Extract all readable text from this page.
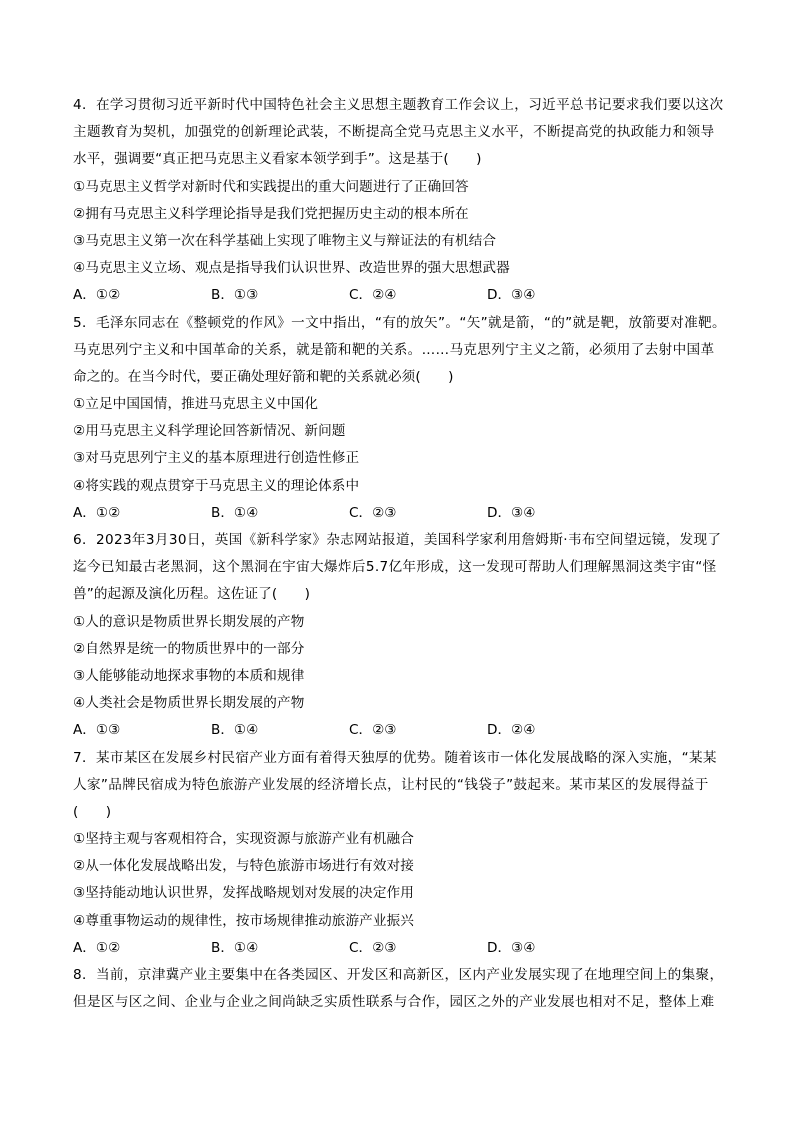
4．在学习贯彻习近平新时代中国特色社会主义思想主题教育工作会议上，习近平总书记要求我们要以这次
主题教育为契机，加强党的创新理论武装，不断提高全党马克思主义水平，不断提高党的执政能力和领导
水平，强调要“真正把马克思主义看家本领学到手”。这是基于(　　)
①马克思主义哲学对新时代和实践提出的重大问题进行了正确回答
②拥有马克思主义科学理论指导是我们党把握历史主动的根本所在
③马克思主义第一次在科学基础上实现了唯物主义与辩证法的有机结合
④马克思主义立场、观点是指导我们认识世界、改造世界的强大思想武器
A．①②	B．①③	C．②④	D．③④
5．毛泽东同志在《整顿党的作风》一文中指出，“有的放矢”。“矢”就是箭，“的”就是靶，放箭要对准靶。
马克思列宁主义和中国革命的关系，就是箭和靶的关系。……马克思列宁主义之箭，必须用了去射中国革
命之的。在当今时代，要正确处理好箭和靶的关系就必须(　　)
①立足中国国情，推进马克思主义中国化
②用马克思主义科学理论回答新情况、新问题
③对马克思列宁主义的基本原理进行创造性修正
④将实践的观点贯穿于马克思主义的理论体系中
A．①②	B．①④	C．②③	D．③④
6．2023年3月30日，英国《新科学家》杂志网站报道，美国科学家利用詹姆斯·韦布空间望远镜，发现了
迄今已知最古老黑洞，这个黑洞在宇宙大爆炸后5.7亿年形成，这一发现可帮助人们理解黑洞这类宇宙“怪
兽”的起源及演化历程。这佐证了(　　)
①人的意识是物质世界长期发展的产物
②自然界是统一的物质世界中的一部分
③人能够能动地探求事物的本质和规律
④人类社会是物质世界长期发展的产物
A．①③	B．①④	C．②③	D．②④
7．某市某区在发展乡村民宿产业方面有着得天独厚的优势。随着该市一体化发展战略的深入实施，“某某
人家”品牌民宿成为特色旅游产业发展的经济增长点，让村民的“钱袋子”鼓起来。某市某区的发展得益于
(　　)
①坚持主观与客观相符合，实现资源与旅游产业有机融合
②从一体化发展战略出发，与特色旅游市场进行有效对接
③坚持能动地认识世界，发挥战略规划对发展的决定作用
④尊重事物运动的规律性，按市场规律推动旅游产业振兴
A．①②	B．①④	C．②③	D．③④
8．当前，京津冀产业主要集中在各类园区、开发区和高新区，区内产业发展实现了在地理空间上的集聚，
但是区与区之间、企业与企业之间尚缺乏实质性联系与合作，园区之外的产业发展也相对不足，整体上难
